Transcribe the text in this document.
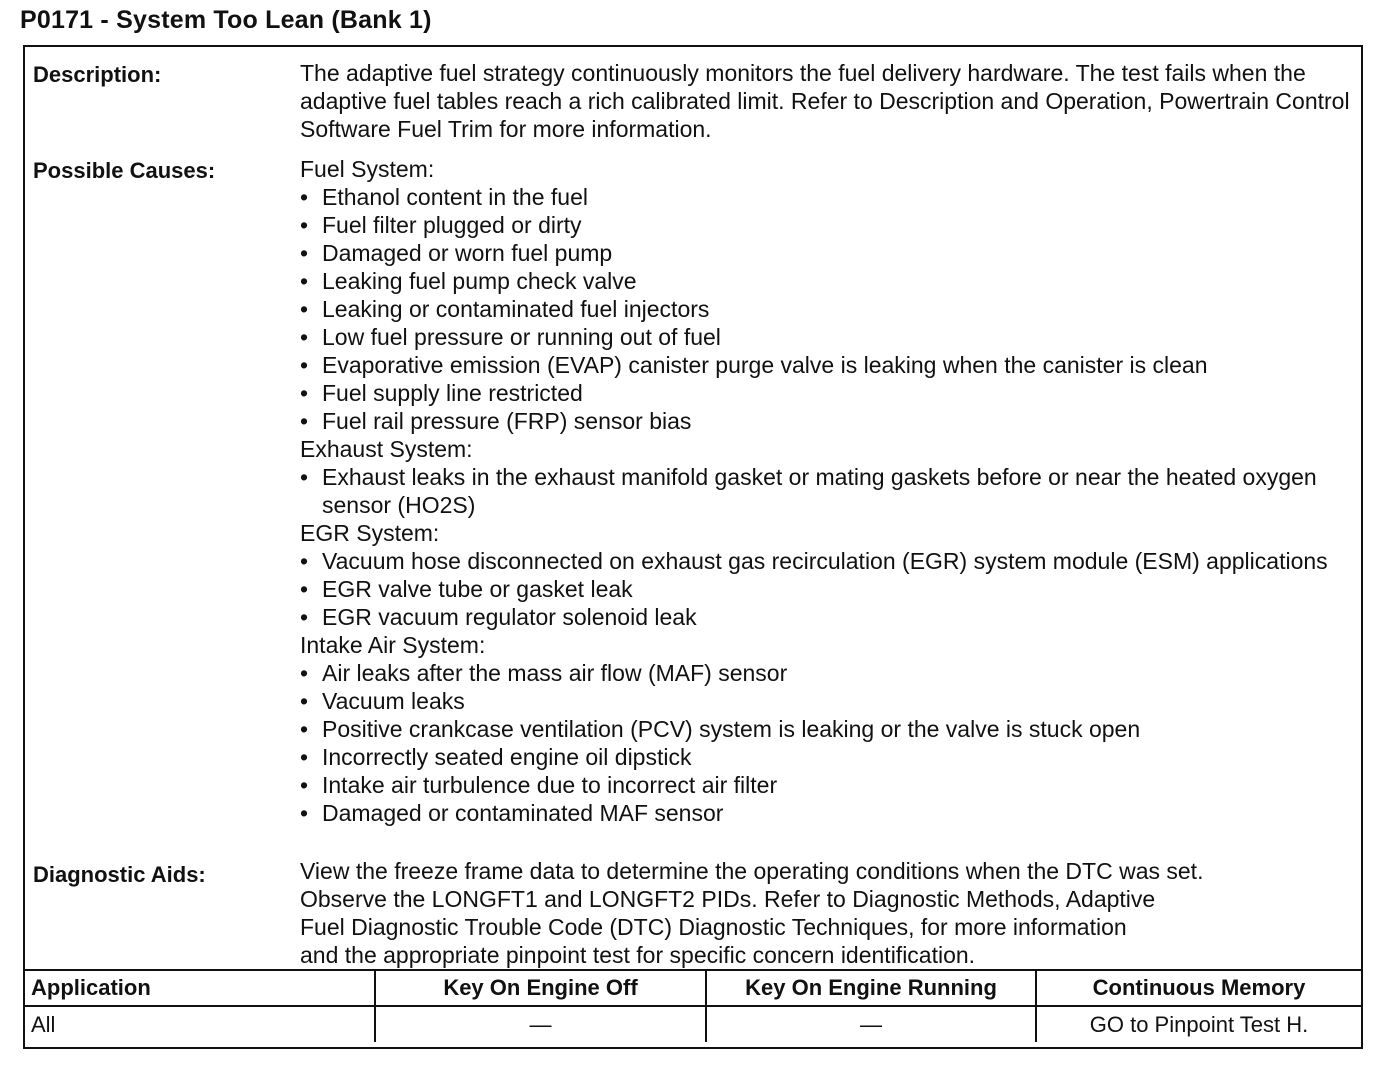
P0171 - System Too Lean (Bank 1)
Description:	The adaptive fuel strategy continuously monitors the fuel delivery hardware. The test fails when the adaptive fuel tables reach a rich calibrated limit. Refer to Description and Operation, Powertrain Control Software Fuel Trim for more information.

Possible Causes:	Fuel System:

• Ethanol content in the fuel
• Fuel filter plugged or dirty
• Damaged or worn fuel pump
• Leaking fuel pump check valve
• Leaking or contaminated fuel injectors
• Low fuel pressure or running out of fuel
• Evaporative emission (EVAP) canister purge valve is leaking when the canister is clean
• Fuel supply line restricted
• Fuel rail pressure (FRP) sensor bias

Exhaust System:

• Exhaust leaks in the exhaust manifold gasket or mating gaskets before or near the heated oxygen sensor (HO2S)

EGR System:

• Vacuum hose disconnected on exhaust gas recirculation (EGR) system module (ESM) applications
• EGR valve tube or gasket leak
• EGR vacuum regulator solenoid leak

Intake Air System:

• Air leaks after the mass air flow (MAF) sensor
• Vacuum leaks
• Positive crankcase ventilation (PCV) system is leaking or the valve is stuck open
• Incorrectly seated engine oil dipstick
• Intake air turbulence due to incorrect air filter
• Damaged or contaminated MAF sensor
Diagnostic Aids:	View the freeze frame data to determine the operating conditions when the DTC was set.

Observe the LONGFT1 and LONGFT2 PIDs. Refer to Diagnostic Methods, Adaptive

Fuel Diagnostic Trouble Code (DTC) Diagnostic Techniques, for more information

and the appropriate pinpoint test for specific concern identification.

Application	Key On Engine Off	Key On Engine Running	Continuous Memory
All	—	—	GO to Pinpoint Test H.
